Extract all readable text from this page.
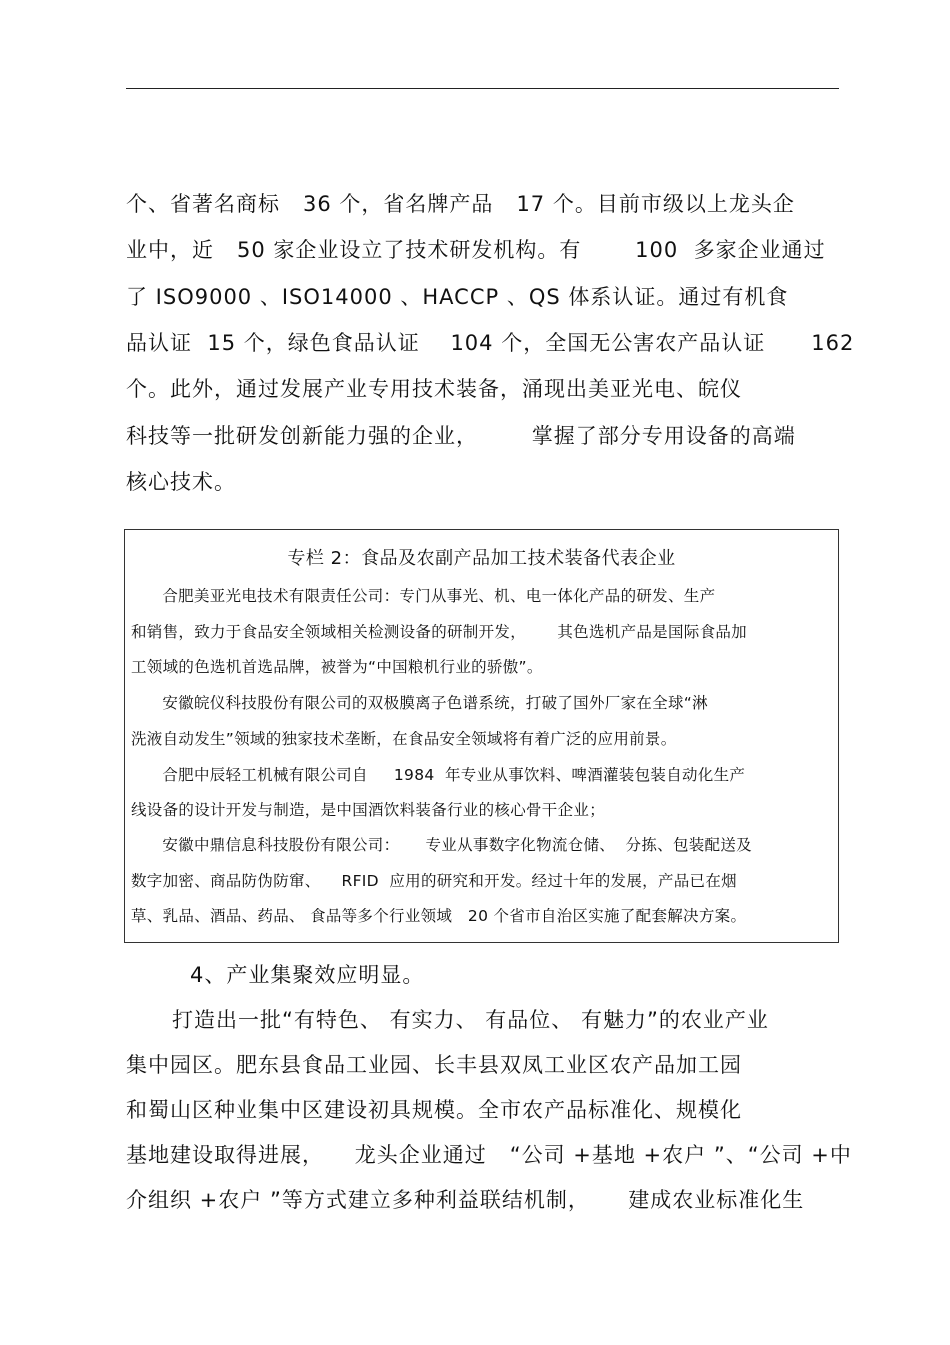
个、省著名商标   36 个，省名牌产品   17 个。目前市级以上龙头企
业中，近   50 家企业设立了技术研发机构。有       100  多家企业通过
了 ISO9000 、ISO14000 、HACCP 、QS 体系认证。通过有机食
品认证  15 个，绿色食品认证    104 个，全国无公害农产品认证      162
个。此外，通过发展产业专用技术装备，涌现出美亚光电、皖仪
科技等一批研发创新能力强的企业，       掌握了部分专用设备的高端
核心技术。
专栏 2：食品及农副产品加工技术装备代表企业
合肥美亚光电技术有限责任公司：专门从事光、机、电一体化产品的研发、生产
和销售，致力于食品安全领域相关检测设备的研制开发，      其色选机产品是国际食品加
工领域的色选机首选品牌，被誉为“中国粮机行业的骄傲”。
安徽皖仪科技股份有限公司的双极膜离子色谱系统，打破了国外厂家在全球“淋
洗液自动发生”领域的独家技术垄断，在食品安全领域将有着广泛的应用前景。
合肥中辰轻工机械有限公司自     1984  年专业从事饮料、啤酒灌装包装自动化生产
线设备的设计开发与制造，是中国酒饮料装备行业的核心骨干企业；
安徽中鼎信息科技股份有限公司：     专业从事数字化物流仓储、  分拣、包装配送及
数字加密、商品防伪防窜、    RFID  应用的研究和开发。经过十年的发展，产品已在烟
草、乳品、酒品、药品、 食品等多个行业领域   20 个省市自治区实施了配套解决方案。
4、产业集聚效应明显。
打造出一批“有特色、 有实力、 有品位、 有魅力”的农业产业
集中园区。肥东县食品工业园、长丰县双凤工业区农产品加工园
和蜀山区种业集中区建设初具规模。全市农产品标准化、规模化
基地建设取得进展，    龙头企业通过   “公司 +基地 +农户 ”、“公司 +中
介组织 +农户 ”等方式建立多种利益联结机制，     建成农业标准化生
